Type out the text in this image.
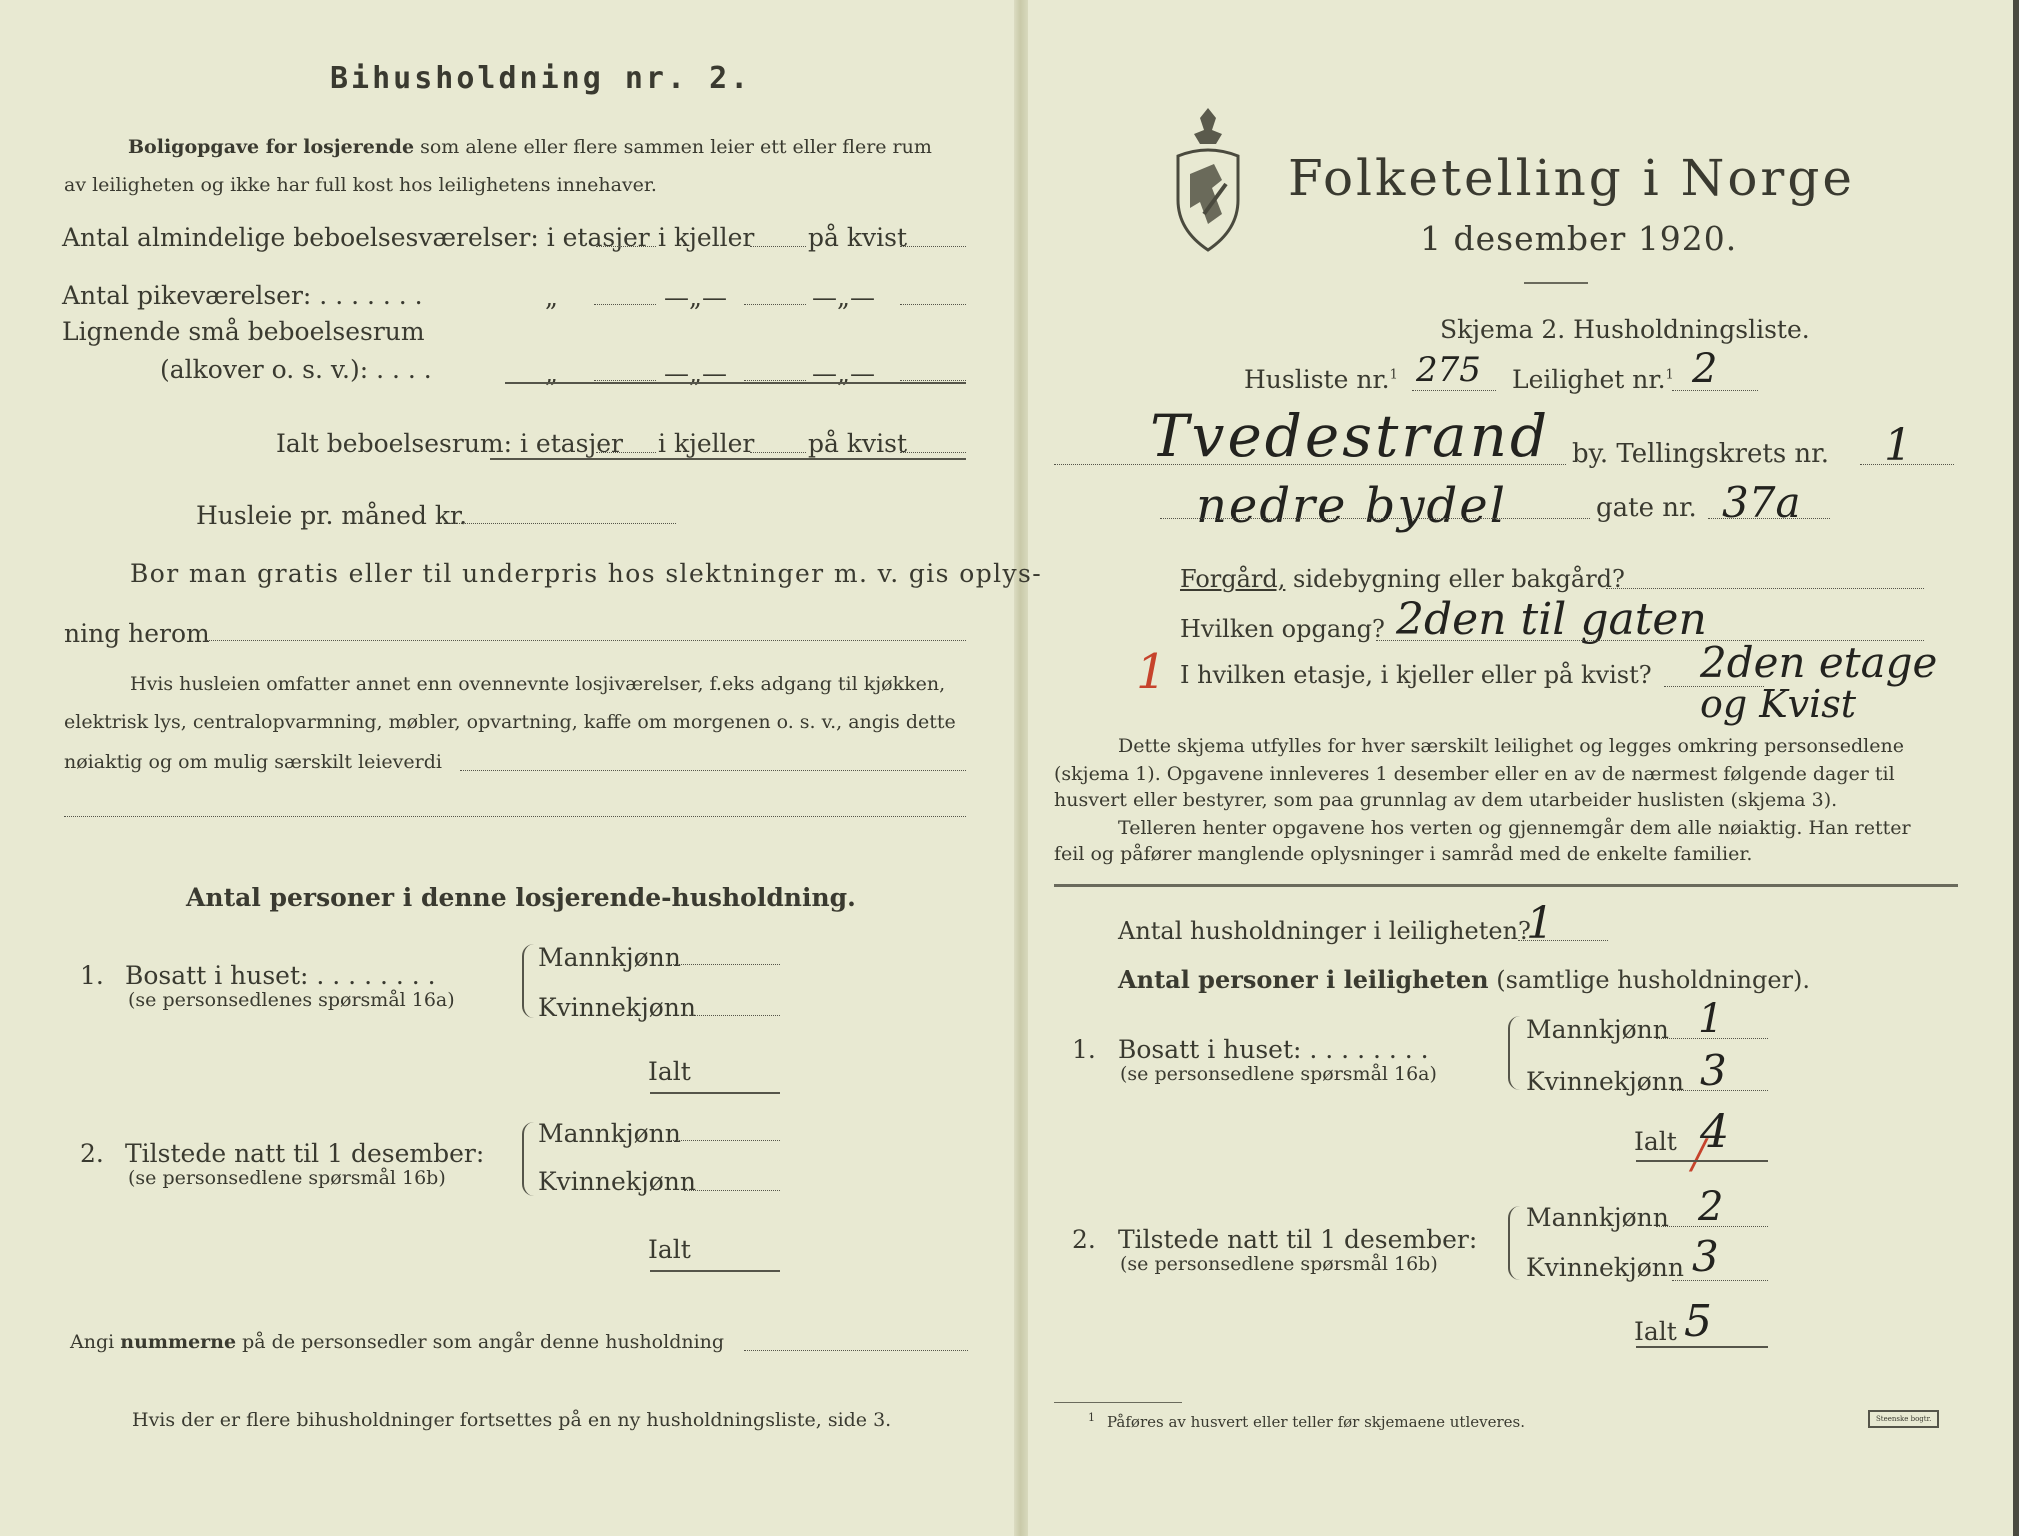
Bihusholdning nr. 2.
Boligopgave for losjerende som alene eller flere sammen leier ett eller flere rum
av leiligheten og ikke har full kost hos leilighetens innehaver.
Antal almindelige beboelsesværelser: i etasjer i kjeller på kvist
Antal pikeværelser: . . . . . . .	„	—„—	—„—
Lignende små beboelsesrum
(alkover o. s. v.): . . . .	„	—„—	—„—
Ialt beboelsesrum: i etasjer i kjeller på kvist
Husleie pr. måned kr.
Bor man gratis eller til underpris hos slektninger m. v. gis oplys-
ning herom
Hvis husleien omfatter annet enn ovennevnte losjiværelser, f.eks adgang til kjøkken,
elektrisk lys, centralopvarmning, møbler, opvartning, kaffe om morgenen o. s. v., angis dette
nøiaktig og om mulig særskilt leieverdi
Antal personer i denne losjerende-husholdning.
1. Bosatt i huset: . . . . . . . .
(se personsedlenes spørsmål 16a)
Mannkjønn
Kvinnekjønn
Ialt
2. Tilstede natt til 1 desember:
(se personsedlene spørsmål 16b)
Mannkjønn
Kvinnekjønn
Ialt
Angi nummerne på de personsedler som angår denne husholdning
Hvis der er flere bihusholdninger fortsettes på en ny husholdningsliste, side 3.
Folketelling i Norge
1 desember 1920.
Skjema 2. Husholdningsliste.
Husliste nr.$^1$ 275 Leilighet nr.$^1$ 2
Tvedestrand by. Tellingskrets nr. 1
nedre bydel	gate nr. 37a
Forgård, sidebygning eller bakgård?
Hvilken opgang? 2den til gaten
1 I hvilken etasje, i kjeller eller på kvist? 2den etage
og Kvist
Dette skjema utfylles for hver særskilt leilighet og legges omkring personsedlene
(skjema 1). Opgavene innleveres 1 desember eller en av de nærmest følgende dager til
husvert eller bestyrer, som paa grunnlag av dem utarbeider huslisten (skjema 3).
Telleren henter opgavene hos verten og gjennemgår dem alle nøiaktig. Han retter
feil og påfører manglende oplysninger i samråd med de enkelte familier.
Antal husholdninger i leiligheten?
1
Antal personer i leiligheten (samtlige husholdninger).
1. Bosatt i huset: . . . . . . . .
(se personsedlene spørsmål 16a)
Mannkjønn 1
Kvinnekjønn 3
Ialt 4
/
2. Tilstede natt til 1 desember:
(se personsedlene spørsmål 16b)
Mannkjønn 2
Kvinnekjønn 3
Ialt 5
$^1$ Påføres av husvert eller teller før skjemaene utleveres.	Steenske bogtr.
